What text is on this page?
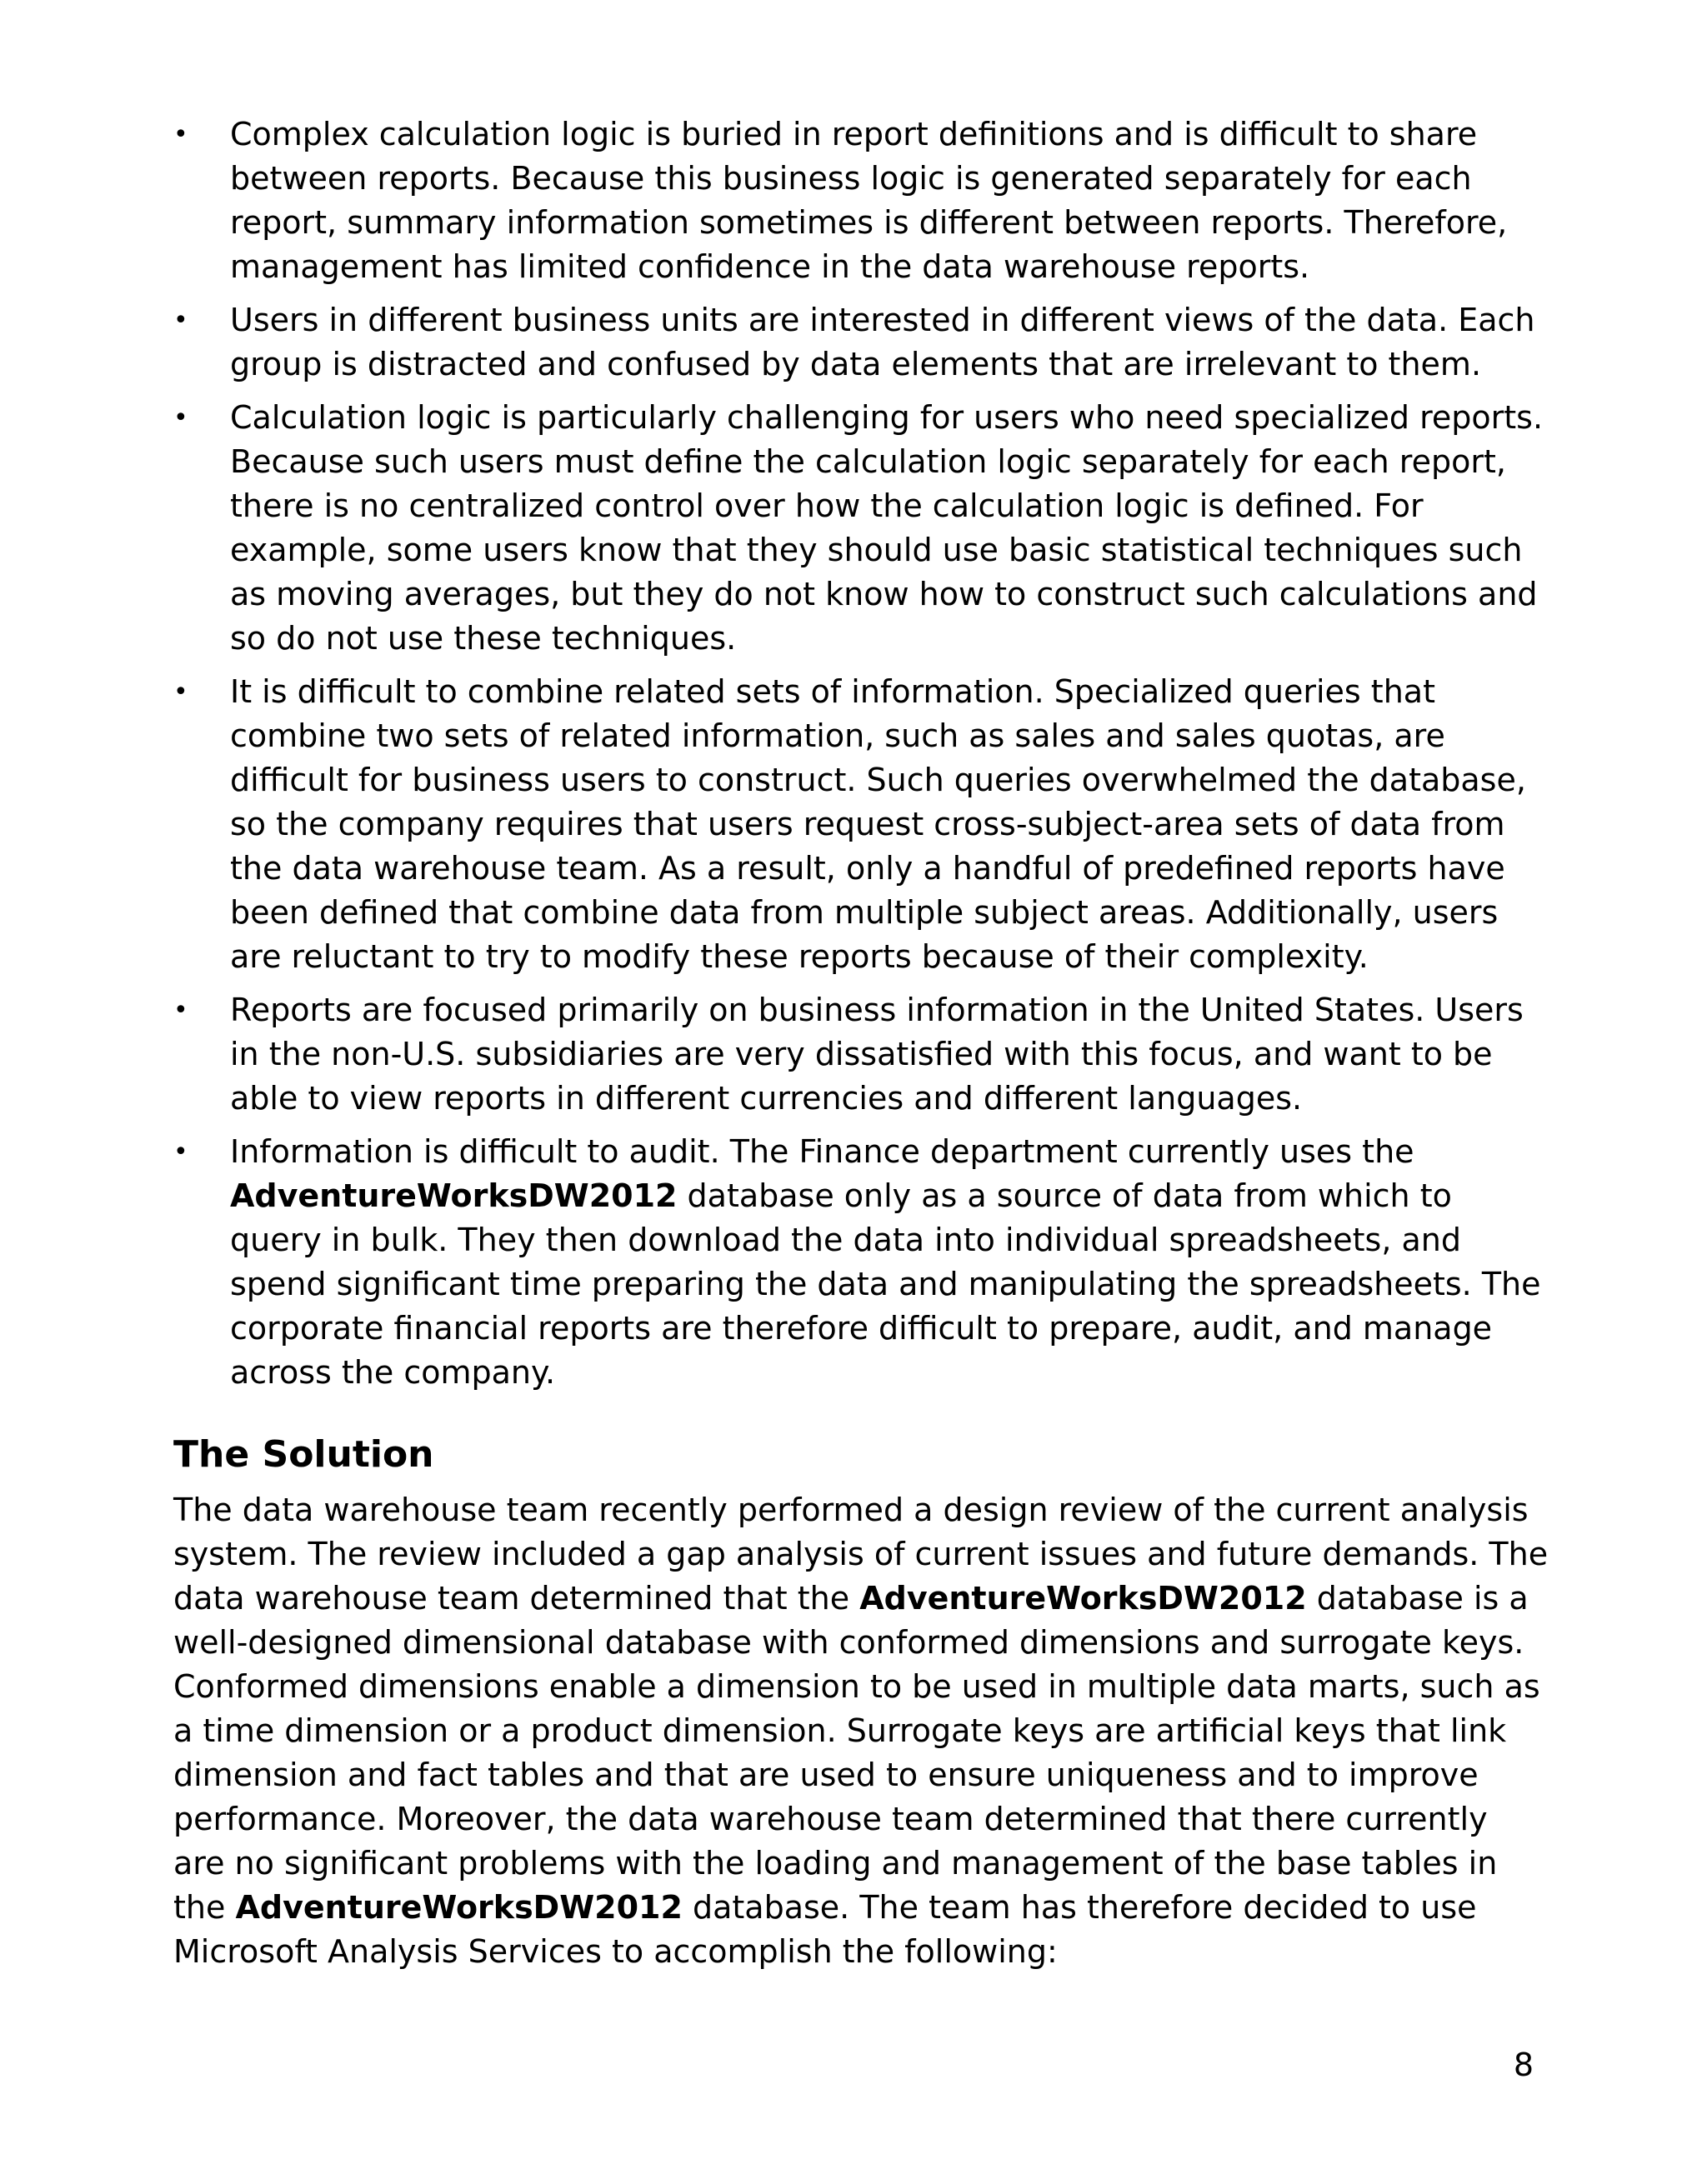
•	Complex calculation logic is buried in report definitions and is difficult to share between reports. Because this business logic is generated separately for each report, summary information sometimes is different between reports. Therefore, management has limited confidence in the data warehouse reports.
•	Users in different business units are interested in different views of the data. Each group is distracted and confused by data elements that are irrelevant to them.
•	Calculation logic is particularly challenging for users who need specialized reports. Because such users must define the calculation logic separately for each report, there is no centralized control over how the calculation logic is defined. For example, some users know that they should use basic statistical techniques such as moving averages, but they do not know how to construct such calculations and so do not use these techniques.
•	It is difficult to combine related sets of information. Specialized queries that combine two sets of related information, such as sales and sales quotas, are difficult for business users to construct. Such queries overwhelmed the database, so the company requires that users request cross-subject-area sets of data from the data warehouse team. As a result, only a handful of predefined reports have been defined that combine data from multiple subject areas. Additionally, users are reluctant to try to modify these reports because of their complexity.
•	Reports are focused primarily on business information in the United States. Users in the non-U.S. subsidiaries are very dissatisfied with this focus, and want to be able to view reports in different currencies and different languages.
•	Information is difficult to audit. The Finance department currently uses the AdventureWorksDW2012 database only as a source of data from which to query in bulk. They then download the data into individual spreadsheets, and spend significant time preparing the data and manipulating the spreadsheets. The corporate financial reports are therefore difficult to prepare, audit, and manage across the company.
The Solution

The data warehouse team recently performed a design review of the current analysis system. The review included a gap analysis of current issues and future demands. The data warehouse team determined that the AdventureWorksDW2012 database is a well-designed dimensional database with conformed dimensions and surrogate keys. Conformed dimensions enable a dimension to be used in multiple data marts, such as a time dimension or a product dimension. Surrogate keys are artificial keys that link dimension and fact tables and that are used to ensure uniqueness and to improve performance. Moreover, the data warehouse team determined that there currently are no significant problems with the loading and management of the base tables in the AdventureWorksDW2012 database. The team has therefore decided to use Microsoft Analysis Services to accomplish the following:

8
